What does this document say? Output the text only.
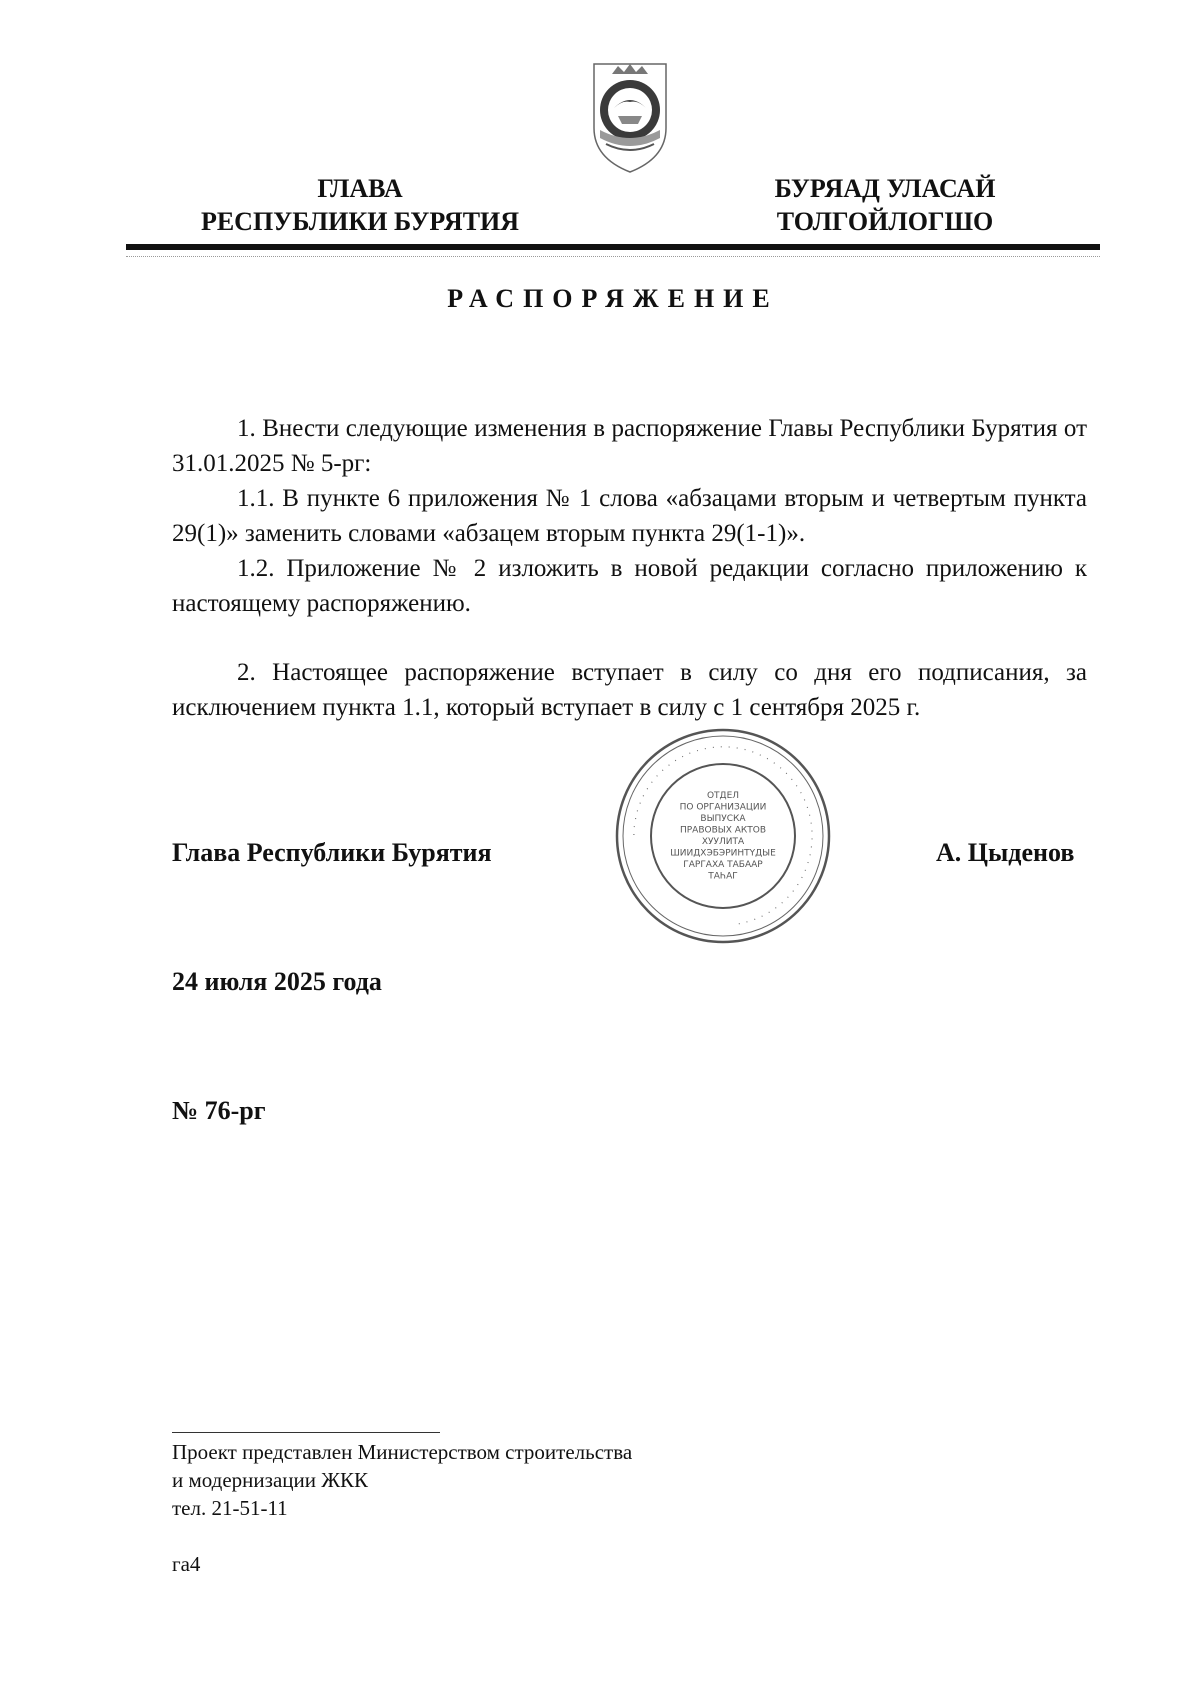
ГЛАВА
РЕСПУБЛИКИ БУРЯТИЯ
БУРЯАД УЛАСАЙ
ТОЛГОЙЛОГШО
РАСПОРЯЖЕНИЕ

1. Внести следующие изменения в распоряжение Главы Республики Бурятия от 31.01.2025 № 5-рг:

1.1. В пункте 6 приложения № 1 слова «абзацами вторым и четвертым пункта 29(1)» заменить словами «абзацем вторым пункта 29(1-1)».

1.2. Приложение № 2 изложить в новой редакции согласно приложению к настоящему распоряжению.

2. Настоящее распоряжение вступает в силу со дня его подписания, за исключением пункта 1.1, который вступает в силу с 1 сентября 2025 г.

Глава Республики Бурятия
· · · · · · · · · · · · · · · · · · · · · · · · · · · · · · · · · · · · · · · · · · · · · · · · · · ·
ОТДЕЛ
ПО ОРГАНИЗАЦИИ
ВЫПУСКА
ПРАВОВЫХ АКТОВ
ХУУЛИТА
ШИИДХЭБЭРИНТҮДЫЕ
ГАРГАХА ТАБААР
ТАҺАГ
А. Цыденов
24 июля 2025 года
№ 76-рг
Проект представлен Министерством строительства
и модернизации ЖКК
тел. 21-51-11
га4
